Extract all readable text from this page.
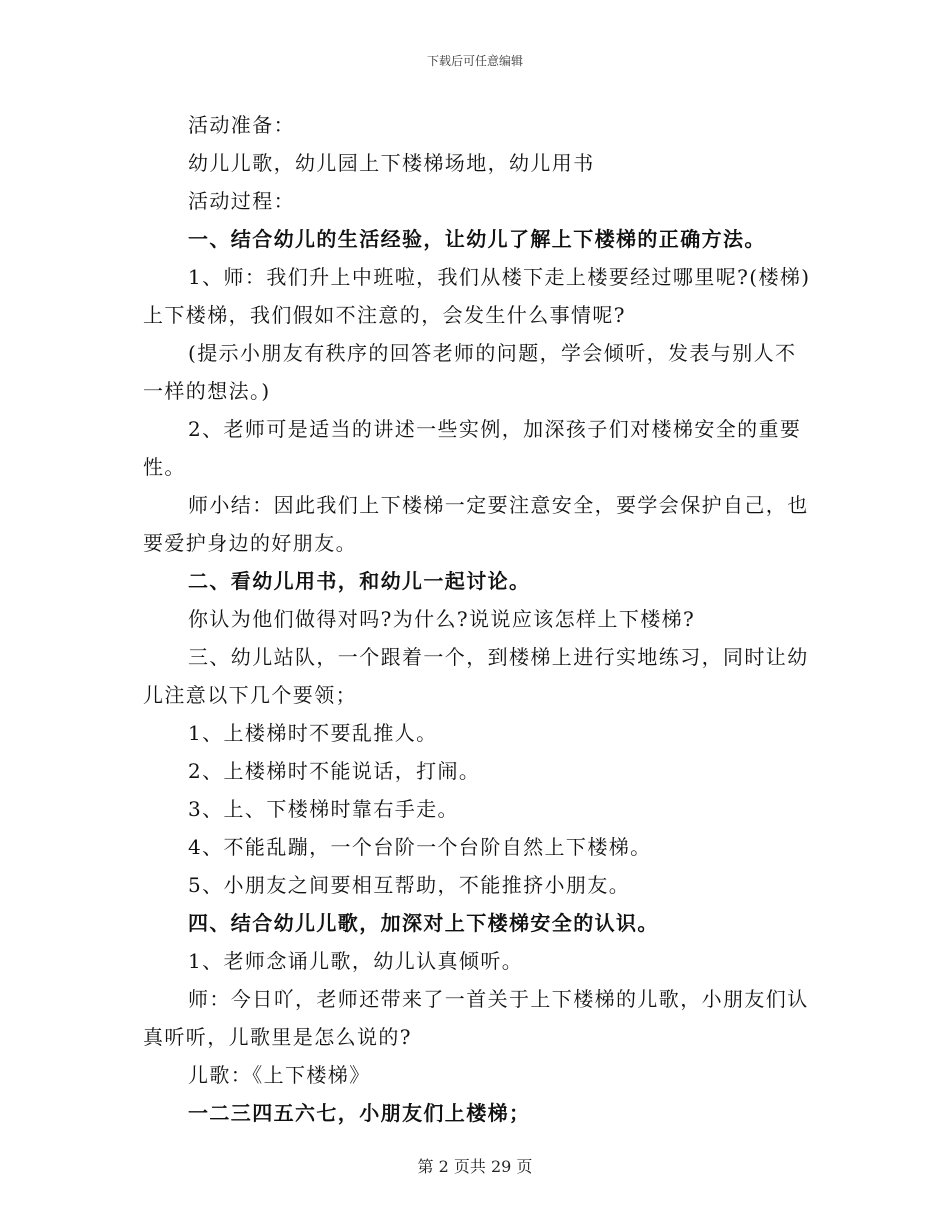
下载后可任意编辑

活动准备：

幼儿儿歌，幼儿园上下楼梯场地，幼儿用书

活动过程：

一、结合幼儿的生活经验，让幼儿了解上下楼梯的正确方法。

1、师：我们升上中班啦，我们从楼下走上楼要经过哪里呢?(楼梯)上下楼梯，我们假如不注意的，会发生什么事情呢?

(提示小朋友有秩序的回答老师的问题，学会倾听，发表与别人不一样的想法。)

2、老师可是适当的讲述一些实例，加深孩子们对楼梯安全的重要性。

师小结：因此我们上下楼梯一定要注意安全，要学会保护自己，也要爱护身边的好朋友。

二、看幼儿用书，和幼儿一起讨论。

你认为他们做得对吗?为什么?说说应该怎样上下楼梯?

三、幼儿站队，一个跟着一个，到楼梯上进行实地练习，同时让幼儿注意以下几个要领；

1、上楼梯时不要乱推人。

2、上楼梯时不能说话，打闹。

3、上、下楼梯时靠右手走。

4、不能乱蹦，一个台阶一个台阶自然上下楼梯。

5、小朋友之间要相互帮助，不能推挤小朋友。

四、结合幼儿儿歌，加深对上下楼梯安全的认识。

1、老师念诵儿歌，幼儿认真倾听。

师：今日吖，老师还带来了一首关于上下楼梯的儿歌，小朋友们认真听听，儿歌里是怎么说的?

儿歌：《上下楼梯》

一二三四五六七，小朋友们上楼梯；

第 2 页共 29 页
